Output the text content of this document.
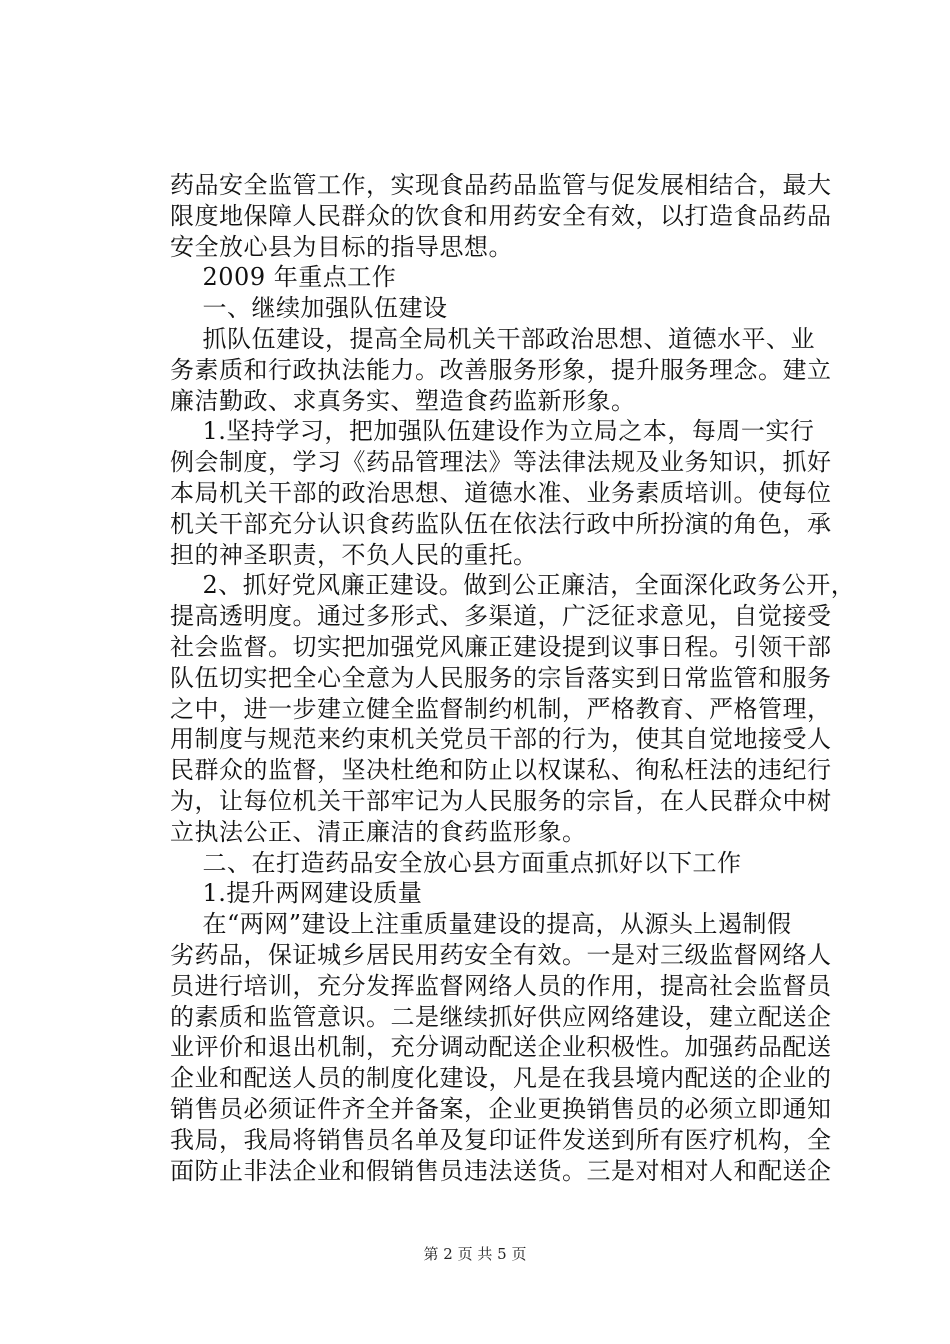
药品安全监管工作，实现食品药品监管与促发展相结合，最大
限度地保障人民群众的饮食和用药安全有效，以打造食品药品
安全放心县为目标的指导思想。
2009 年重点工作
一、继续加强队伍建设
抓队伍建设，提高全局机关干部政治思想、道德水平、业
务素质和行政执法能力。改善服务形象，提升服务理念。建立
廉洁勤政、求真务实、塑造食药监新形象。
1.坚持学习，把加强队伍建设作为立局之本，每周一实行
例会制度，学习《药品管理法》等法律法规及业务知识，抓好
本局机关干部的政治思想、道德水准、业务素质培训。使每位
机关干部充分认识食药监队伍在依法行政中所扮演的角色，承
担的神圣职责，不负人民的重托。
2、抓好党风廉正建设。做到公正廉洁，全面深化政务公开，
提高透明度。通过多形式、多渠道，广泛征求意见，自觉接受
社会监督。切实把加强党风廉正建设提到议事日程。引领干部
队伍切实把全心全意为人民服务的宗旨落实到日常监管和服务
之中，进一步建立健全监督制约机制，严格教育、严格管理，
用制度与规范来约束机关党员干部的行为，使其自觉地接受人
民群众的监督，坚决杜绝和防止以权谋私、徇私枉法的违纪行
为，让每位机关干部牢记为人民服务的宗旨，在人民群众中树
立执法公正、清正廉洁的食药监形象。
二、在打造药品安全放心县方面重点抓好以下工作
1.提升两网建设质量
在“两网”建设上注重质量建设的提高，从源头上遏制假
劣药品，保证城乡居民用药安全有效。一是对三级监督网络人
员进行培训，充分发挥监督网络人员的作用，提高社会监督员
的素质和监管意识。二是继续抓好供应网络建设，建立配送企
业评价和退出机制，充分调动配送企业积极性。加强药品配送
企业和配送人员的制度化建设，凡是在我县境内配送的企业的
销售员必须证件齐全并备案，企业更换销售员的必须立即通知
我局，我局将销售员名单及复印证件发送到所有医疗机构，全
面防止非法企业和假销售员违法送货。三是对相对人和配送企
第 2 页 共 5 页
